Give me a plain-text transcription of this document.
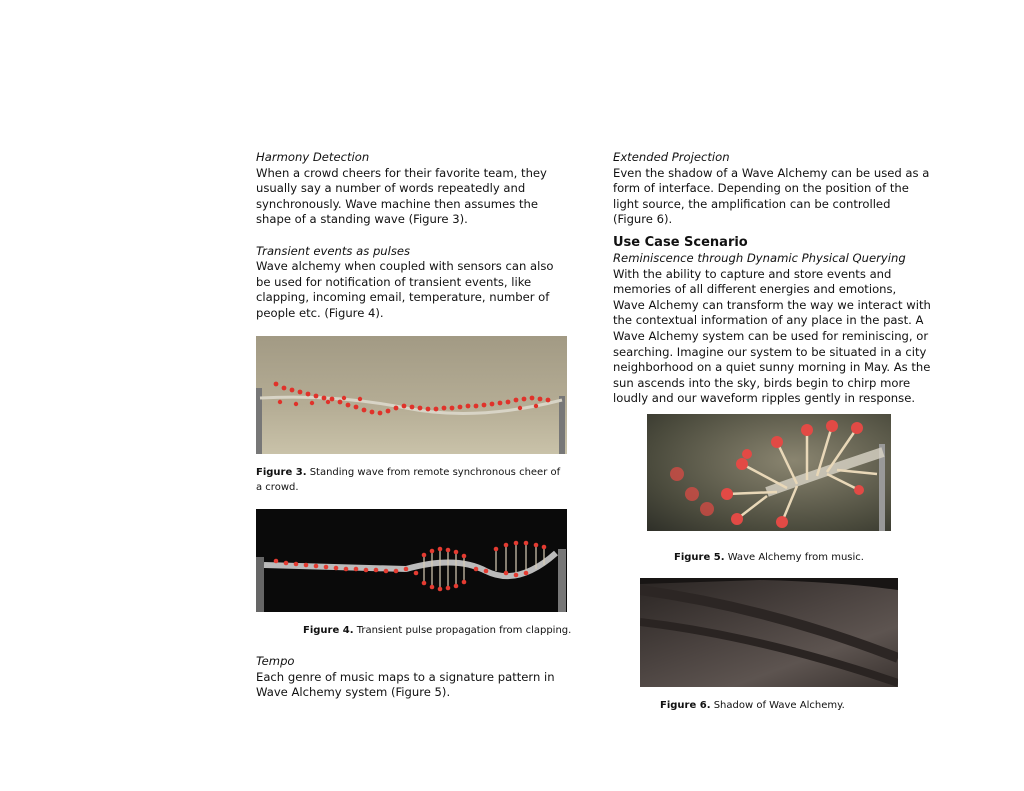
Harmony Detection

When a crowd cheers for their favorite team, they usually say a number of words repeatedly and synchronously. Wave machine then assumes the shape of a standing wave (Figure 3).

Transient events as pulses

Wave alchemy when coupled with sensors can also be used for notification of transient events, like clapping, incoming email, temperature, number of people etc. (Figure 4).

Figure 3. Standing wave from remote synchronous cheer of a crowd.
Figure 4. Transient pulse propagation from clapping.

Tempo

Each genre of music maps to a signature pattern in Wave Alchemy system (Figure 5).

Extended Projection

Even the shadow of a Wave Alchemy can be used as a form of interface. Depending on the position of the light source, the amplification can be controlled (Figure 6).

Use Case Scenario

Reminiscence through Dynamic Physical Querying

With the ability to capture and store events and memories of all different energies and emotions, Wave Alchemy can transform the way we interact with the contextual information of any place in the past. A Wave Alchemy system can be used for reminiscing, or searching. Imagine our system to be situated in a city neighborhood on a quiet sunny morning in May. As the sun ascends into the sky, birds begin to chirp more loudly and our waveform ripples gently in response.

Figure 5. Wave Alchemy from music.
Figure 6. Shadow of Wave Alchemy.
